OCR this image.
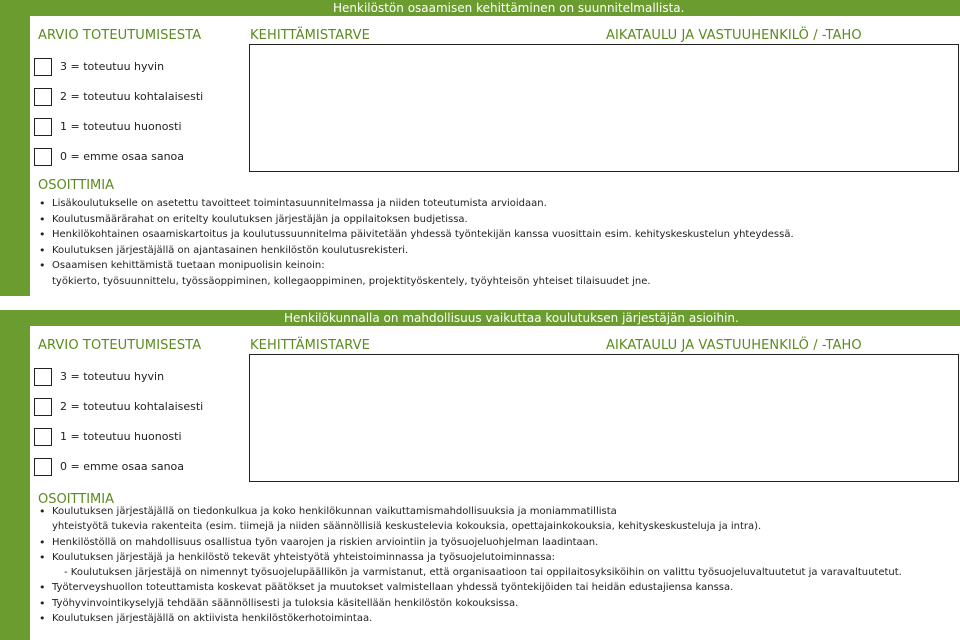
Henkilöstön osaamisen kehittäminen on suunnitelmallista.
ARVIO TOTEUTUMISESTA	KEHITTÄMISTARVE	AIKATAULU JA VASTUUHENKILÖ / -TAHO
3 = toteutuu hyvin
2 = toteutuu kohtalaisesti
1 = toteutuu huonosti
0 = emme osaa sanoa
OSOITTIMIA
• Lisäkoulutukselle on asetettu tavoitteet toimintasuunnitelmassa ja niiden toteutumista arvioidaan.
• Koulutusmäärärahat on eritelty koulutuksen järjestäjän ja oppilaitoksen budjetissa.
• Henkilökohtainen osaamiskartoitus ja koulutussuunnitelma päivitetään yhdessä työntekijän kanssa vuosittain esim. kehityskeskustelun yhteydessä.
• Koulutuksen järjestäjällä on ajantasainen henkilöstön koulutusrekisteri.
• Osaamisen kehittämistä tuetaan monipuolisin keinoin:
työkierto, työsuunnittelu, työssäoppiminen, kollegaoppiminen, projektityöskentely, työyhteisön yhteiset tilaisuudet jne.
Henkilökunnalla on mahdollisuus vaikuttaa koulutuksen järjestäjän asioihin.
ARVIO TOTEUTUMISESTA	KEHITTÄMISTARVE	AIKATAULU JA VASTUUHENKILÖ / -TAHO
3 = toteutuu hyvin
2 = toteutuu kohtalaisesti
1 = toteutuu huonosti
0 = emme osaa sanoa
OSOITTIMIA
• Koulutuksen järjestäjällä on tiedonkulkua ja koko henkilökunnan vaikuttamismahdollisuuksia ja moniammatillista
yhteistyötä tukevia rakenteita (esim. tiimejä ja niiden säännöllisiä keskustelevia kokouksia, opettajainkokouksia, kehityskeskusteluja ja intra).
• Henkilöstöllä on mahdollisuus osallistua työn vaarojen ja riskien arviointiin ja työsuojeluohjelman laadintaan.
• Koulutuksen järjestäjä ja henkilöstö tekevät yhteistyötä yhteistoiminnassa ja työsuojelutoiminnassa:
- Koulutuksen järjestäjä on nimennyt työsuojelupäällikön ja varmistanut, että organisaatioon tai oppilaitosyksiköihin on valittu työsuojeluvaltuutetut ja varavaltuutetut.
• Työterveyshuollon toteuttamista koskevat päätökset ja muutokset valmistellaan yhdessä työntekijöiden tai heidän edustajiensa kanssa.
• Työhyvinvointikyselyjä tehdään säännöllisesti ja tuloksia käsitellään henkilöstön kokouksissa.
• Koulutuksen järjestäjällä on aktiivista henkilöstökerhotoimintaa.
